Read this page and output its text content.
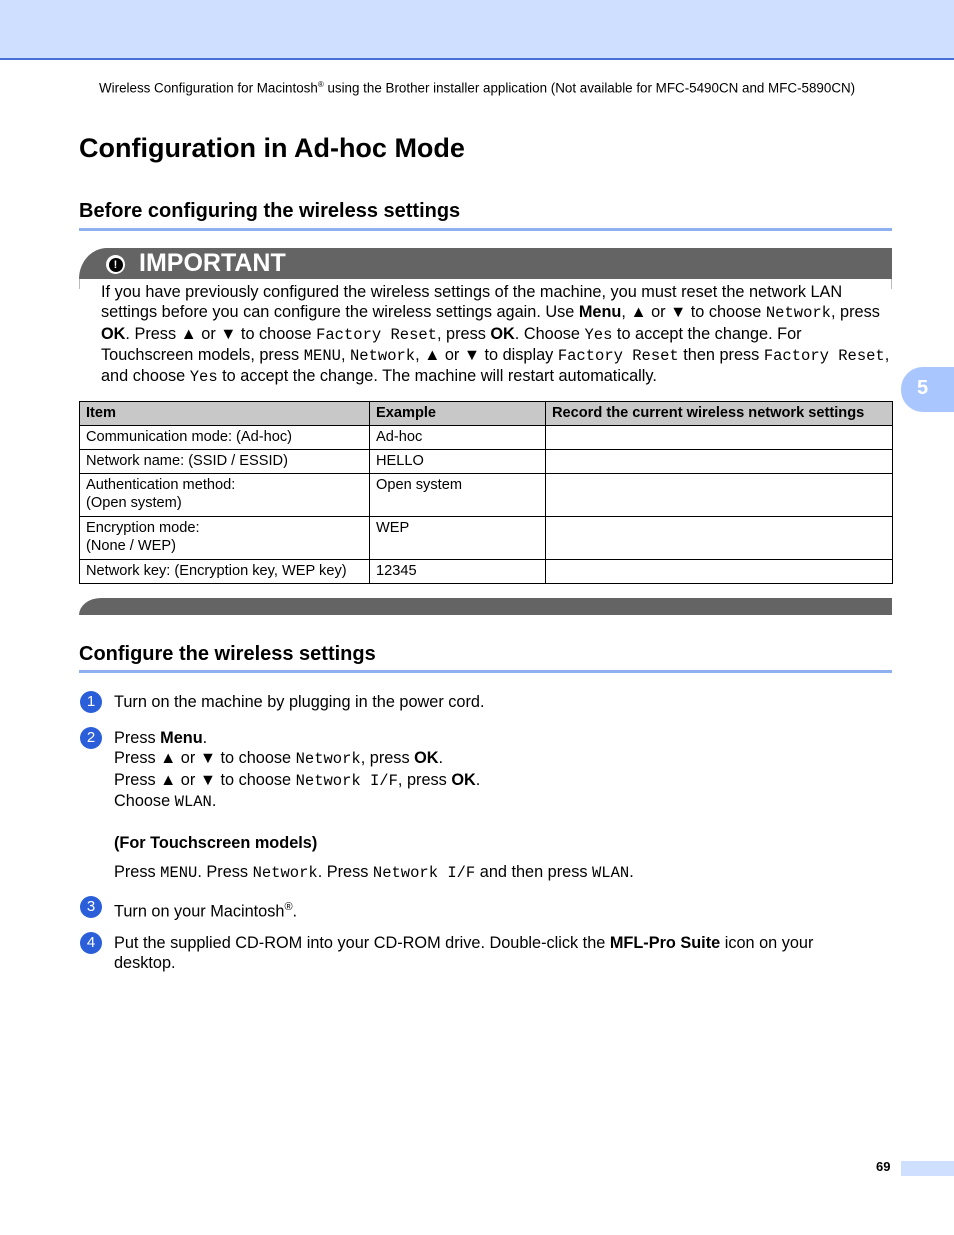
Wireless Configuration for Macintosh® using the Brother installer application (Not available for MFC-5490CN and MFC-5890CN)
Configuration in Ad-hoc Mode
Before configuring the wireless settings
! IMPORTANT
If you have previously configured the wireless settings of the machine, you must reset the network LAN settings before you can configure the wireless settings again. Use Menu, ▲ or ▼ to choose Network, press OK. Press ▲ or ▼ to choose Factory Reset, press OK. Choose Yes to accept the change. For Touchscreen models, press MENU, Network, ▲ or ▼ to display Factory Reset then press Factory Reset, and choose Yes to accept the change. The machine will restart automatically.
Item	Example	Record the current wireless network settings
Communication mode: (Ad-hoc)	Ad-hoc	
Network name: (SSID / ESSID)	HELLO	
Authentication method:
(Open system)	Open system	
Encryption mode:
(None / WEP)	WEP	
Network key: (Encryption key, WEP key)	12345	
5
Configure the wireless settings
1	Turn on the machine by plugging in the power cord.
2	Press Menu.
Press ▲ or ▼ to choose Network, press OK.
Press ▲ or ▼ to choose Network I/F, press OK.
Choose WLAN.
(For Touchscreen models)
Press MENU. Press Network. Press Network I/F and then press WLAN.
3	Turn on your Macintosh®.
4	Put the supplied CD-ROM into your CD-ROM drive. Double-click the MFL-Pro Suite icon on your
desktop.
69
